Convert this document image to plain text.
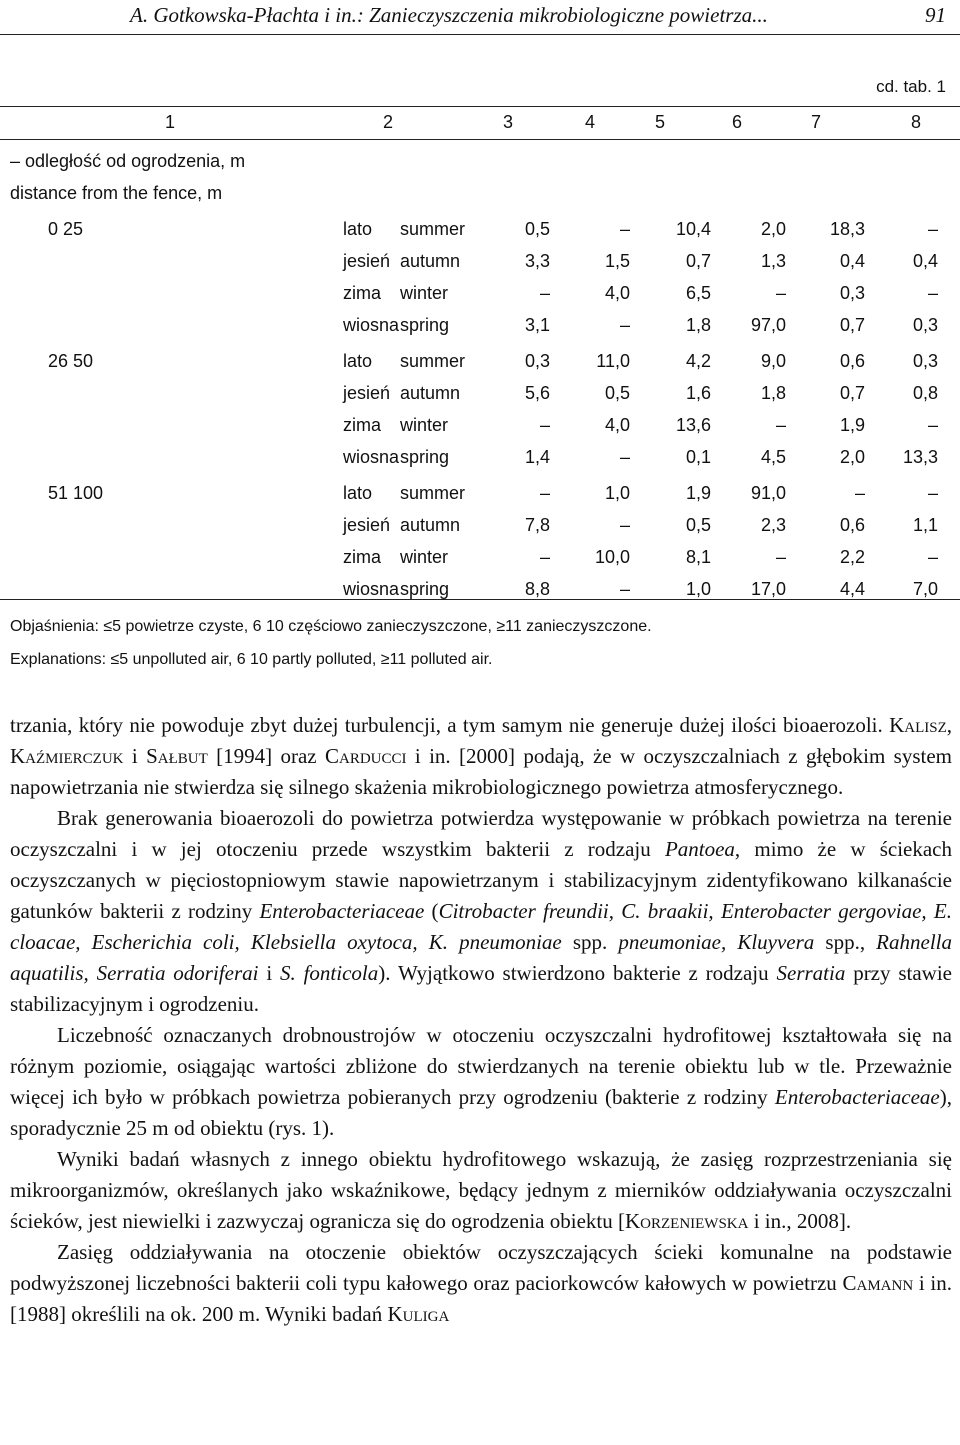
A. Gotkowska-Płachta i in.: Zanieczyszczenia mikrobiologiczne powietrza...	91
cd. tab. 1
1	2	3	4	5	6	7	8
– odległość od ogrodzenia, m
distance from the fence, m
0 25	lato summer	0,5	–	10,4	2,0	18,3	–
jesień autumn	3,3	1,5	0,7	1,3	0,4	0,4
zima winter	–	4,0	6,5	–	0,3	–
wiosna spring	3,1	–	1,8	97,0	0,7	0,3
26 50	lato summer	0,3	11,0	4,2	9,0	0,6	0,3
jesień autumn	5,6	0,5	1,6	1,8	0,7	0,8
zima winter	–	4,0	13,6	–	1,9	–
wiosna spring	1,4	–	0,1	4,5	2,0	13,3
51 100	lato summer	–	1,0	1,9	91,0	–	–
jesień autumn	7,8	–	0,5	2,3	0,6	1,1
zima winter	–	10,0	8,1	–	2,2	–
wiosna spring	8,8	–	1,0	17,0	4,4	7,0
Objaśnienia: ≤5 powietrze czyste, 6 10 częściowo zanieczyszczone, ≥11 zanieczyszczone.
Explanations: ≤5 unpolluted air, 6 10 partly polluted, ≥11 polluted air.

trzania, który nie powoduje zbyt dużej turbulencji, a tym samym nie generuje dużej ilości bioaerozoli. Kalisz, Kaźmierczuk i Sałbut [1994] oraz Carducci i in. [2000] podają, że w oczyszczalniach z głębokim system napowietrzania nie stwierdza się silnego skażenia mikrobiologicznego powietrza atmosferycznego.

Brak generowania bioaerozoli do powietrza potwierdza występowanie w próbkach powietrza na terenie oczyszczalni i w jej otoczeniu przede wszystkim bakterii z rodzaju Pantoea, mimo że w ściekach oczyszczanych w pięciostopniowym stawie napowietrzanym i stabilizacyjnym zidentyfikowano kilkanaście gatunków bakterii z rodziny Enterobacteriaceae (Citrobacter freundii, C. braakii, Enterobacter gergoviae, E. cloacae, Escherichia coli, Klebsiella oxytoca, K. pneumoniae spp. pneumoniae, Kluyvera spp., Rahnella aquatilis, Serratia odoriferai i S. fonticola). Wyjątkowo stwierdzono bakterie z rodzaju Serratia przy stawie stabilizacyjnym i ogrodzeniu.

Liczebność oznaczanych drobnoustrojów w otoczeniu oczyszczalni hydrofitowej kształtowała się na różnym poziomie, osiągając wartości zbliżone do stwierdzanych na terenie obiektu lub w tle. Przeważnie więcej ich było w próbkach powietrza pobieranych przy ogrodzeniu (bakterie z rodziny Enterobacteriaceae), sporadycznie 25 m od obiektu (rys. 1).

Wyniki badań własnych z innego obiektu hydrofitowego wskazują, że zasięg rozprzestrzeniania się mikroorganizmów, określanych jako wskaźnikowe, będący jednym z mierników oddziaływania oczyszczalni ścieków, jest niewielki i zazwyczaj ogranicza się do ogrodzenia obiektu [Korzeniewska i in., 2008].

Zasięg oddziaływania na otoczenie obiektów oczyszczających ścieki komunalne na podstawie podwyższonej liczebności bakterii coli typu kałowego oraz paciorkowców kałowych w powietrzu Camann i in. [1988] określili na ok. 200 m. Wyniki badań Kuliga
